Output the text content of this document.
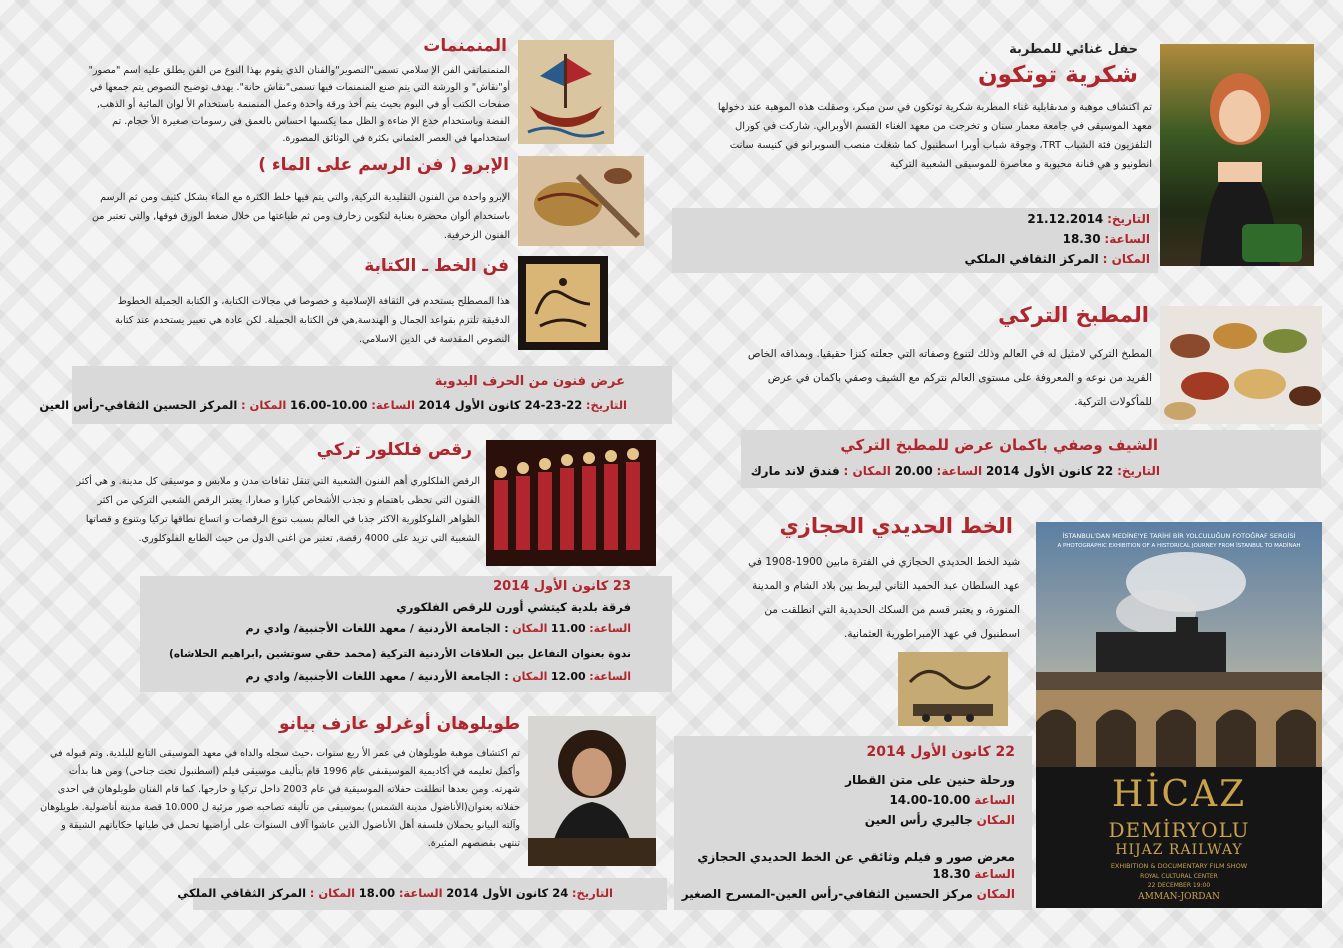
حفل غنائي للمطربة
شكرية توتكون
تم اكتشاف موهبة و مدىقابلية غناء المطربة شكرية توتكون في سن مبكر، وصقلت هذه الموهبة عند دخولها معهد الموسيقى في جامعة معمار سنان و تخرجت من معهد الغناء القسم الأوبرالي. شاركت في كورال التلفزيون فئة الشباب TRT، وجوقة شباب أوبرا اسطنبول كما شغلت منصب السوبرانو في كنيسة سانت انطونيو و هي فنانة محبوبة و معاصرة للموسيقى الشعبية التركية
التاريخ: 21.12.2014
الساعة: 18.30
المكان : المركز الثقافي الملكي
المطبخ التركي
المطبخ التركي لامثيل له في العالم وذلك لتنوع وصفاته التي جعلته كنزا حقيقيا. وبمذاقه الخاص الفريد من نوعه و المعروفة على مستوى العالم نتركم مع الشيف وصفي باكمان في عرض للمأكولات التركية.
الشيف وصفي باكمان عرض للمطبخ التركي
التاريخ: 22 كانون الأول 2014 الساعة: 20.00 المكان : فندق لاند مارك
الخط الحديدي الحجازي
شيد الخط الحديدي الحجازي في الفترة مابين 1900-1908 في عهد السلطان عبد الحميد الثاني ليربط بين بلاد الشام و المدينة المنورة، و يعتبر قسم من السكك الحديدية التي انطلقت من اسطنبول في عهد الإمبراطورية العثمانية.
22 كانون الأول 2014
ورحلة حنين على متن القطار
الساعة 10.00-14.00
المكان جاليري رأس العين
معرض صور و فيلم وثائقي عن الخط الحديدي الحجازي
الساعة 18.30
المكان مركز الحسين الثقافي-رأس العين-المسرح الصغير
İSTANBUL'DAN MEDİNE'YE TARİHİ BİR YOLCULUĞUN FOTOĞRAF SERGİSİ
A PHOTOGRAPHIC EXHIBITION OF A HISTORICAL JOURNEY FROM İSTANBUL TO MADİNAH
HİCAZ
DEMİRYOLU
HIJAZ RAILWAY
EXHIBITION & DOCUMENTARY FILM SHOW
ROYAL CULTURAL CENTER
22 DECEMBER 19:00
AMMAN-JORDAN
المنمنمات
المنمنماتفي الفن الإ سلامي تسمى"التصوير"والفنان الذي يقوم بهذا النوع من الفن يطلق عليه اسم "مصور" أو"نقاش" و الورشة التي يتم صنع المنمنمات فيها تسمى"نقاش حانة". يهدف توضيح النصوص يتم جمعها في صفحات الكتب أو في البوم بحيث يتم أخذ ورقة واحدة وعمل المنمنمة باستخدام الأ لوان المائية أو الذهب, الفضة وباستخدام خدع الإ ضاءة و الظل مما يكسبها احساس بالعمق في رسومات صغيرة الأ حجام. تم استخدامها في العصر العثماني بكثرة في الوثائق المصورة.
الإبرو ( فن الرسم على الماء )
الإبرو واحدة من الفنون التقليدية التركية, والتي يتم فيها خلط الكثرة مع الماء بشكل كثيف ومن ثم الرسم باستخدام ألوان محضرة بعناية لتكوين زخارف ومن ثم طباعتها من خلال ضغط الورق فوقها, والتي تعتبر من الفنون الزخرفية.
فن الخط ـ الكتابة
هذا المصطلح يستخدم في الثقافة الإسلامية و خصوصا في مجالات الكتابة، و الكتابة الجميلة الخطوط الدقيقة تلتزم بقواعد الجمال و الهندسة,هي فن الكتابة الجميلة. لكن عادة هي تعبير يستخدم عند كتابة النصوص المقدسة في الدين الاسلامي.
عرض فنون من الحرف اليدوية
التاريخ: 22-23-24 كانون الأول 2014 الساعة: 10.00-16.00 المكان : المركز الحسين الثقافي-رأس العين
رقص فلكلور تركي
الرقص الفلكلوري أهم الفنون الشعبية التي تنقل ثقافات مدن و ملابس و موسيقى كل مدينة. و هي أكثر الفنون التي تحظى باهتمام و تجذب الأشخاص كبارا و صغارا. يعتبر الرقص الشعبي التركي من اكثر الظواهر الفلوكلورية الاكثر جذبا في العالم بسبب تنوع الرقصات و اتساع نطاقها تركيا وبتنوع و قصاتها الشعبية التي تزيد على 4000 رقصة, تعتبر من اغنى الدول من حيث الطابع الفلوكلوري.
23 كانون الأول 2014
فرقة بلدية كيتشي أورن للرقص الفلكوري
الساعة: 11.00 المكان : الجامعة الأردنية / معهد اللغات الأجنبية/ وادي رم
ندوة بعنوان التفاعل بين العلاقات الأردنية التركية (محمد حقي سوتشين ,ابراهيم الحلاشاه)
الساعة: 12.00 المكان : الجامعة الأردنية / معهد اللغات الأجنبية/ وادي رم
طويلوهان أوغرلو عازف بيانو
تم اكتشاف موهبة طويلوهان في عمر الأ ربع سنوات ،حيث سجله والداه في معهد الموسيقى التابع للبلدية. وتم قبوله في وأكمل تعليمه في أكاديمية الموسيقىفي عام 1996 قام بتأليف موسيقى فيلم (اسطنبول تحت جناحي) ومن هنا بدأت شهرته. ومن بعدها انطلقت حفلاته الموسيقية في عام 2003 داخل تركيا و خارجها. كما قام الفنان طويلوهان في احدى حفلاته بعنوان(الأناضول مدينة الشمس) بموسيقى من تأليفه تصاحبه صور مرئية ل 10.000 قصة مدينة أناضولية. طويلوهان وآلته البيانو يحملان فلسفة أهل الأناضول الذين عاشوا آلاف السنوات على أراضيها تحمل في طياتها حكاياتهم الشيقة و تنتهي بقصصهم المثيرة.
التاريخ: 24 كانون الأول 2014 الساعة: 18.00 المكان : المركز الثقافي الملكي
